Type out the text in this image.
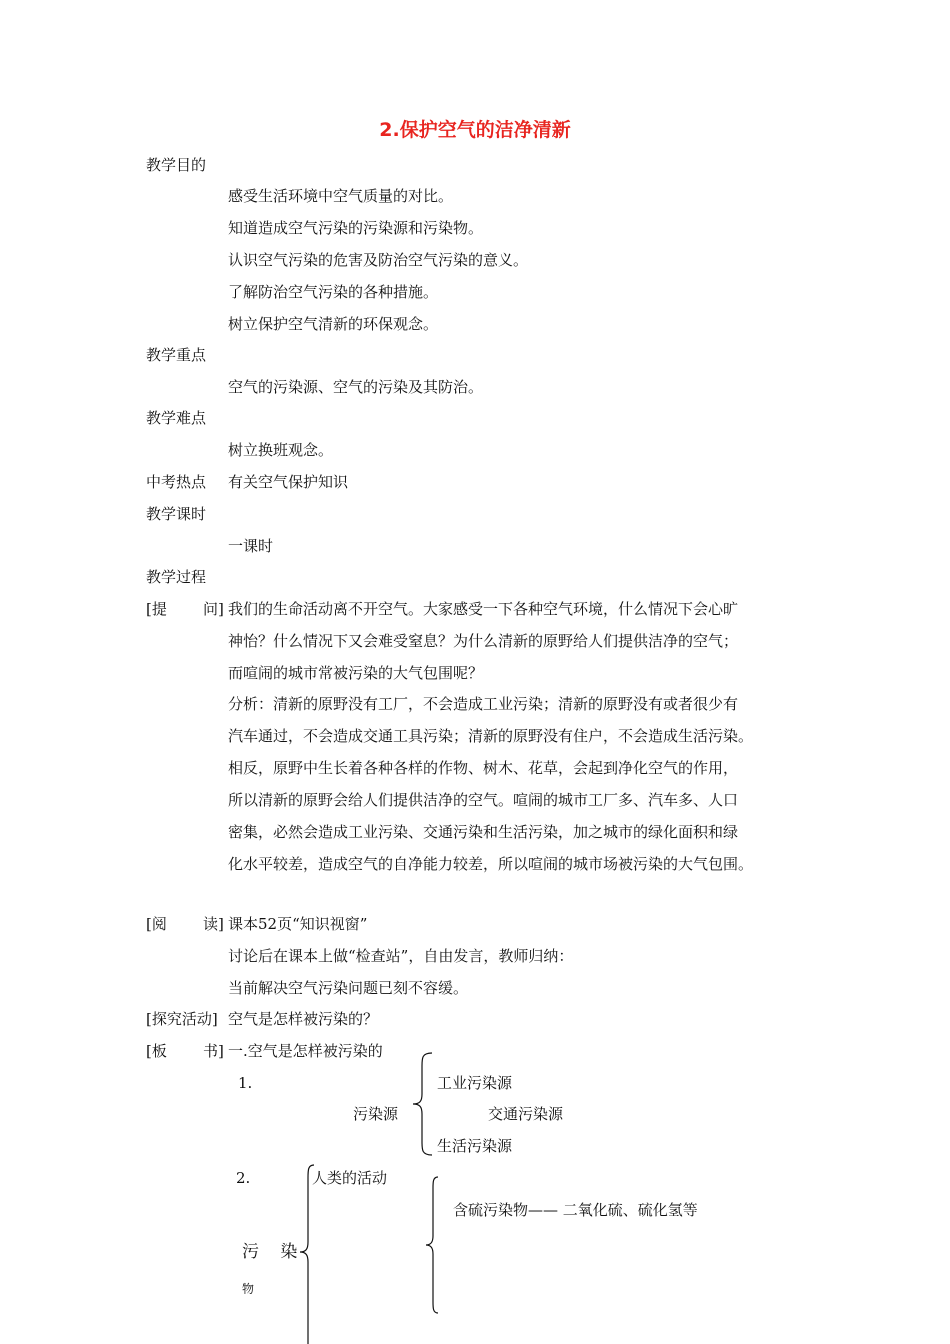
2.保护空气的洁净清新
教学目的
感受生活环境中空气质量的对比。
知道造成空气污染的污染源和污染物。
认识空气污染的危害及防治空气污染的意义。
了解防治空气污染的各种措施。
树立保护空气清新的环保观念。
教学重点
空气的污染源、空气的污染及其防治。
教学难点
树立换班观念。
中考热点 有关空气保护知识
教学课时
一课时
教学过程
[提 问] 我们的生命活动离不开空气。大家感受一下各种空气环境，什么情况下会心旷
神怡？什么情况下又会难受窒息？为什么清新的原野给人们提供洁净的空气；
而喧闹的城市常被污染的大气包围呢？
分析：清新的原野没有工厂，不会造成工业污染；清新的原野没有或者很少有
汽车通过，不会造成交通工具污染；清新的原野没有住户，不会造成生活污染。
相反，原野中生长着各种各样的作物、树木、花草，会起到净化空气的作用，
所以清新的原野会给人们提供洁净的空气。喧闹的城市工厂多、汽车多、人口
密集，必然会造成工业污染、交通污染和生活污染，加之城市的绿化面积和绿
化水平较差，造成空气的自净能力较差，所以喧闹的城市场被污染的大气包围。
[阅 读] 课本52页“知识视窗”
讨论后在课本上做“检查站”，自由发言，教师归纳：
当前解决空气污染问题已刻不容缓。
[探究活动] 空气是怎样被污染的？
[板 书] 一.空气是怎样被污染的
1.
污染源
工业污染源
交通污染源
生活污染源
2.
污 染
物
人类的活动
含硫污染物—— 二氧化硫、硫化氢等
